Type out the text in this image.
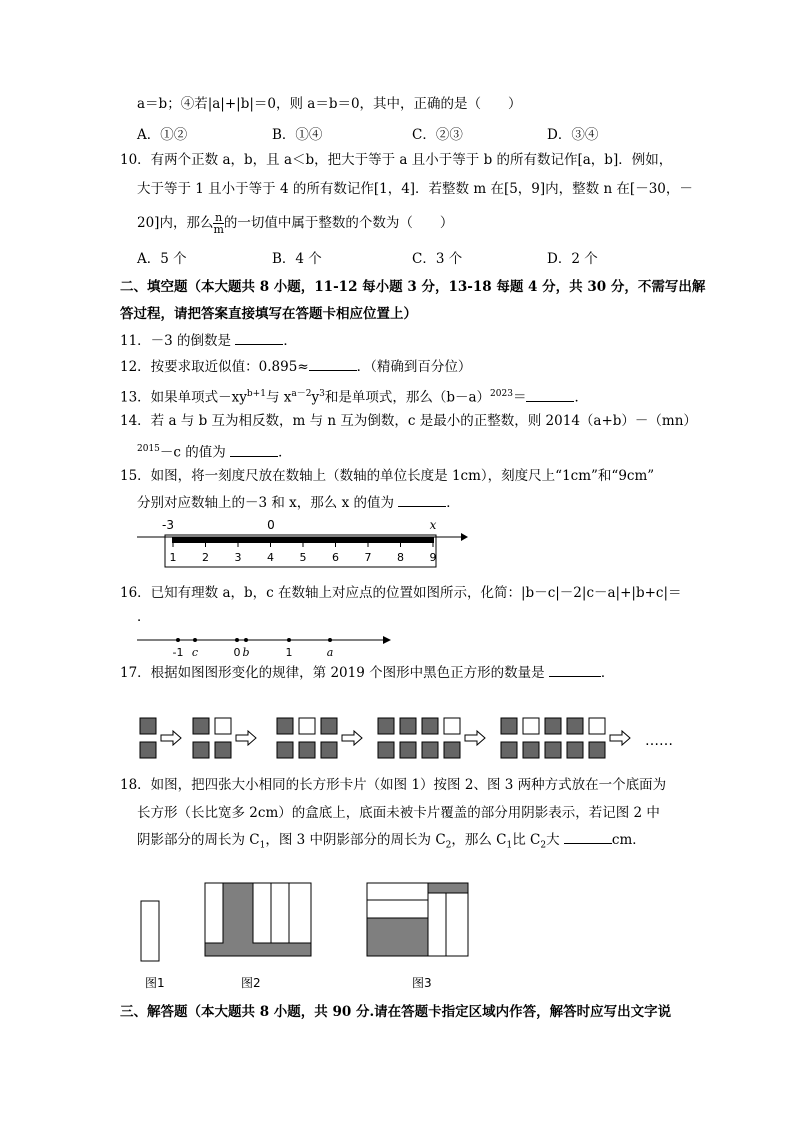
a＝b；④若|a|+|b|＝0，则 a＝b＝0，其中，正确的是（　　）
A．①②	B．①④	C．②③	D．③④
10．有两个正数 a，b，且 a＜b，把大于等于 a 且小于等于 b 的所有数记作[a，b]．例如，
大于等于 1 且小于等于 4 的所有数记作[1，4]．若整数 m 在[5，9]内，整数 n 在[－30，－
20]内，那么 $\frac{n}{m}$ 的一切值中属于整数的个数为（　　）
A．5 个	B．4 个	C．3 个	D．2 个
二、填空题（本大题共 8 小题，11-12 每小题 3 分，13-18 每题 4 分，共 30 分，不需写出解
答过程，请把答案直接填写在答题卡相应位置上）
11．－3 的倒数是	．
12．按要求取近似值：0.895≈	．（精确到百分位）
13．如果单项式$-xy^{b+1}$与 $x^{a-2}y^3$和是单项式，那么$(b-a)^{2023}=$	．
14．若 a 与 b 互为相反数，m 与 n 互为倒数，c 是最小的正整数，则 2014（a+b）－（mn）
$^{2015}$－c 的值为	．
15．如图，将一刻度尺放在数轴上（数轴的单位长度是 1cm），刻度尺上“1cm”和“9cm”
分别对应数轴上的－3 和 x，那么 x 的值为	．
-3	0	x
1 2 3 4 5 6 7 8 9
16．已知有理数 a，b，c 在数轴上对应点的位置如图所示，化简：|b－c|－2|c－a|+|b+c|＝
．
-1 c	0 b	1	a
17．根据如图图形变化的规律，第 2019 个图形中黑色正方形的数量是	．
……
18．如图，把四张大小相同的长方形卡片（如图 1）按图 2、图 3 两种方式放在一个底面为
长方形（长比宽多 2cm）的盒底上，底面未被卡片覆盖的部分用阴影表示，若记图 2 中
阴影部分的周长为 $C_1$，图 3 中阴影部分的周长为 $C_2$，那么 $C_1$比 $C_2$大	cm．
图1	图2	图3
三、解答题（本大题共 8 小题，共 90 分.请在答题卡指定区域内作答，解答时应写出文字说
